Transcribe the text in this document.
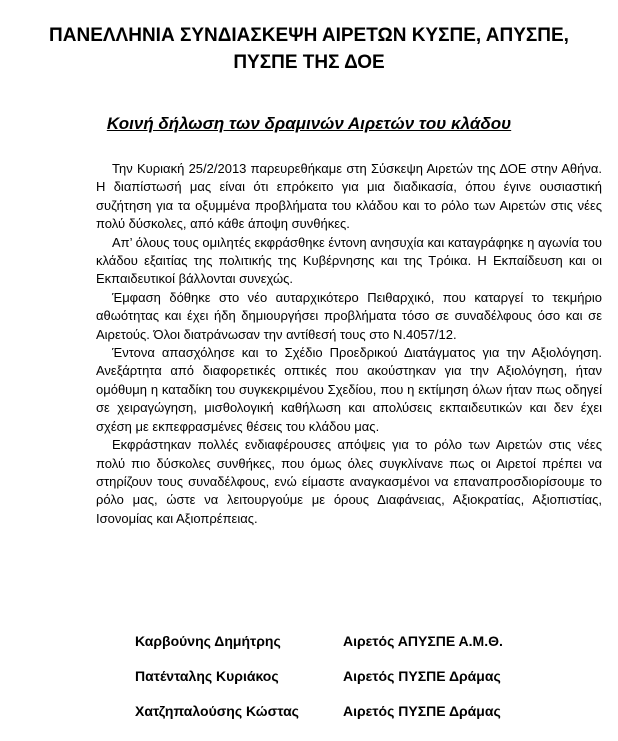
ΠΑΝΕΛΛΗΝΙΑ ΣΥΝΔΙΑΣΚΕΨΗ ΑΙΡΕΤΩΝ ΚΥΣΠΕ, ΑΠΥΣΠΕ,
ΠΥΣΠΕ ΤΗΣ ΔΟΕ
Κοινή δήλωση των δραμινών Αιρετών του κλάδου

Την Κυριακή 25/2/2013 παρευρεθήκαμε στη Σύσκεψη Αιρετών της ΔΟΕ στην Αθήνα. Η διαπίστωσή μας είναι ότι επρόκειτο για μια διαδικασία, όπου έγινε ουσιαστική συζήτηση για τα οξυμμένα προβλήματα του κλάδου και το ρόλο των Αιρετών στις νέες πολύ δύσκολες, από κάθε άποψη συνθήκες.

Απ’ όλους τους ομιλητές εκφράσθηκε έντονη ανησυχία και καταγράφηκε η αγωνία του κλάδου εξαιτίας της πολιτικής της Κυβέρνησης και της Τρόικα. Η Εκπαίδευση και οι Εκπαιδευτικοί βάλλονται συνεχώς.

Έμφαση δόθηκε στο νέο αυταρχικότερο Πειθαρχικό, που καταργεί το τεκμήριο αθωότητας και έχει ήδη δημιουργήσει προβλήματα τόσο σε συναδέλφους όσο και σε Αιρετούς. Όλοι διατράνωσαν την αντίθεσή τους στο Ν.4057/12.

Έντονα απασχόλησε και το Σχέδιο Προεδρικού Διατάγματος για την Αξιολόγηση. Ανεξάρτητα από διαφορετικές οπτικές που ακούστηκαν για την Αξιολόγηση, ήταν ομόθυμη η καταδίκη του συγκεκριμένου Σχεδίου, που η εκτίμηση όλων ήταν πως οδηγεί σε χειραγώγηση, μισθολογική καθήλωση και απολύσεις εκπαιδευτικών και δεν έχει σχέση με εκπεφρασμένες θέσεις του κλάδου μας.

Εκφράστηκαν πολλές ενδιαφέρουσες απόψεις για το ρόλο των Αιρετών στις νέες πολύ πιο δύσκολες συνθήκες, που όμως όλες συγκλίνανε πως οι Αιρετοί πρέπει να στηρίζουν τους συναδέλφους, ενώ είμαστε αναγκασμένοι να επαναπροσδιορίσουμε το ρόλο μας, ώστε να λειτουργούμε με όρους Διαφάνειας, Αξιοκρατίας, Αξιοπιστίας, Ισονομίας και Αξιοπρέπειας.

Καρβούνης Δημήτρης	Αιρετός ΑΠΥΣΠΕ Α.Μ.Θ.
Πατένταλης Κυριάκος	Αιρετός ΠΥΣΠΕ Δράμας
Χατζηπαλούσης Κώστας	Αιρετός ΠΥΣΠΕ Δράμας
